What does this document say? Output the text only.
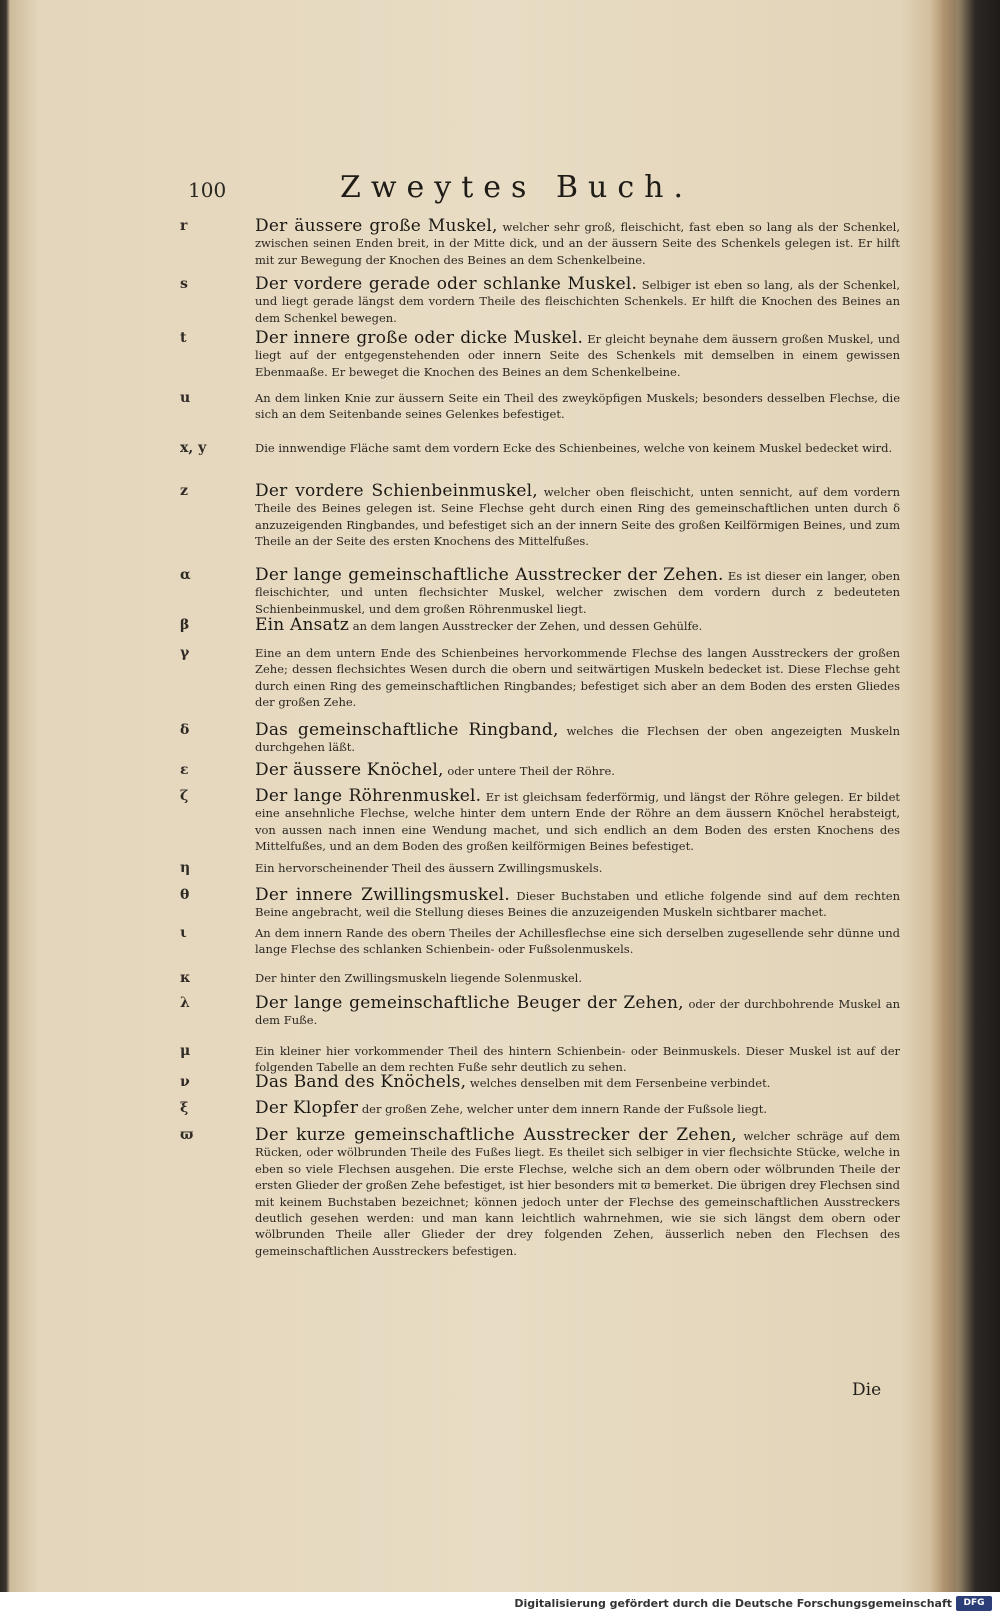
100	Zweytes Buch.
r	Der äussere große Muskel, welcher sehr groß, fleischicht, fast eben so lang als der Schenkel, zwischen seinen Enden breit, in der Mitte dick, und an der äussern Seite des Schenkels gelegen ist. Er hilft mit zur Bewegung der Knochen des Beines an dem Schenkelbeine.
s	Der vordere gerade oder schlanke Muskel. Selbiger ist eben so lang, als der Schenkel, und liegt gerade längst dem vordern Theile des fleischichten Schenkels. Er hilft die Knochen des Beines an dem Schenkel bewegen.
t	Der innere große oder dicke Muskel. Er gleicht beynahe dem äussern großen Muskel, und liegt auf der entgegenstehenden oder innern Seite des Schenkels mit demselben in einem gewissen Ebenmaaße. Er beweget die Knochen des Beines an dem Schenkelbeine.
u	An dem linken Knie zur äussern Seite ein Theil des zweyköpfigen Muskels; besonders desselben Flechse, die sich an dem Seitenbande seines Gelenkes befestiget.
x, y	Die innwendige Fläche samt dem vordern Ecke des Schienbeines, welche von keinem Muskel bedecket wird.
z	Der vordere Schienbeinmuskel, welcher oben fleischicht, unten sennicht, auf dem vordern Theile des Beines gelegen ist. Seine Flechse geht durch einen Ring des gemeinschaftlichen unten durch δ anzuzeigenden Ringbandes, und befestiget sich an der innern Seite des großen Keilförmigen Beines, und zum Theile an der Seite des ersten Knochens des Mittelfußes.
α	Der lange gemeinschaftliche Ausstrecker der Zehen. Es ist dieser ein langer, oben fleischichter, und unten flechsichter Muskel, welcher zwischen dem vordern durch z bedeuteten Schienbeinmuskel, und dem großen Röhrenmuskel liegt.
β	Ein Ansatz an dem langen Ausstrecker der Zehen, und dessen Gehülfe.
γ	Eine an dem untern Ende des Schienbeines hervorkommende Flechse des langen Ausstreckers der großen Zehe; dessen flechsichtes Wesen durch die obern und seitwärtigen Muskeln bedecket ist. Diese Flechse geht durch einen Ring des gemeinschaftlichen Ringbandes; befestiget sich aber an dem Boden des ersten Gliedes der großen Zehe.
δ	Das gemeinschaftliche Ringband, welches die Flechsen der oben angezeigten Muskeln durchgehen läßt.
ε	Der äussere Knöchel, oder untere Theil der Röhre.
ζ	Der lange Röhrenmuskel. Er ist gleichsam federförmig, und längst der Röhre gelegen. Er bildet eine ansehnliche Flechse, welche hinter dem untern Ende der Röhre an dem äussern Knöchel herabsteigt, von aussen nach innen eine Wendung machet, und sich endlich an dem Boden des ersten Knochens des Mittelfußes, und an dem Boden des großen keilförmigen Beines befestiget.
η	Ein hervorscheinender Theil des äussern Zwillingsmuskels.
θ	Der innere Zwillingsmuskel. Dieser Buchstaben und etliche folgende sind auf dem rechten Beine angebracht, weil die Stellung dieses Beines die anzuzeigenden Muskeln sichtbarer machet.
ι	An dem innern Rande des obern Theiles der Achillesflechse eine sich derselben zugesellende sehr dünne und lange Flechse des schlanken Schienbein- oder Fußsolenmuskels.
κ	Der hinter den Zwillingsmuskeln liegende Solenmuskel.
λ	Der lange gemeinschaftliche Beuger der Zehen, oder der durchbohrende Muskel an dem Fuße.
μ	Ein kleiner hier vorkommender Theil des hintern Schienbein- oder Beinmuskels. Dieser Muskel ist auf der folgenden Tabelle an dem rechten Fuße sehr deutlich zu sehen.
ν	Das Band des Knöchels, welches denselben mit dem Fersenbeine verbindet.
ξ	Der Klopfer der großen Zehe, welcher unter dem innern Rande der Fußsole liegt.
ϖ	Der kurze gemeinschaftliche Ausstrecker der Zehen, welcher schräge auf dem Rücken, oder wölbrunden Theile des Fußes liegt. Es theilet sich selbiger in vier flechsichte Stücke, welche in eben so viele Flechsen ausgehen. Die erste Flechse, welche sich an dem obern oder wölbrunden Theile der ersten Glieder der großen Zehe befestiget, ist hier besonders mit ϖ bemerket. Die übrigen drey Flechsen sind mit keinem Buchstaben bezeichnet; können jedoch unter der Flechse des gemeinschaftlichen Ausstreckers deutlich gesehen werden: und man kann leichtlich wahrnehmen, wie sie sich längst dem obern oder wölbrunden Theile aller Glieder der drey folgenden Zehen, äusserlich neben den Flechsen des gemeinschaftlichen Ausstreckers befestigen.
Die
Digitalisierung gefördert durch die Deutsche Forschungsgemeinschaft	DFG
